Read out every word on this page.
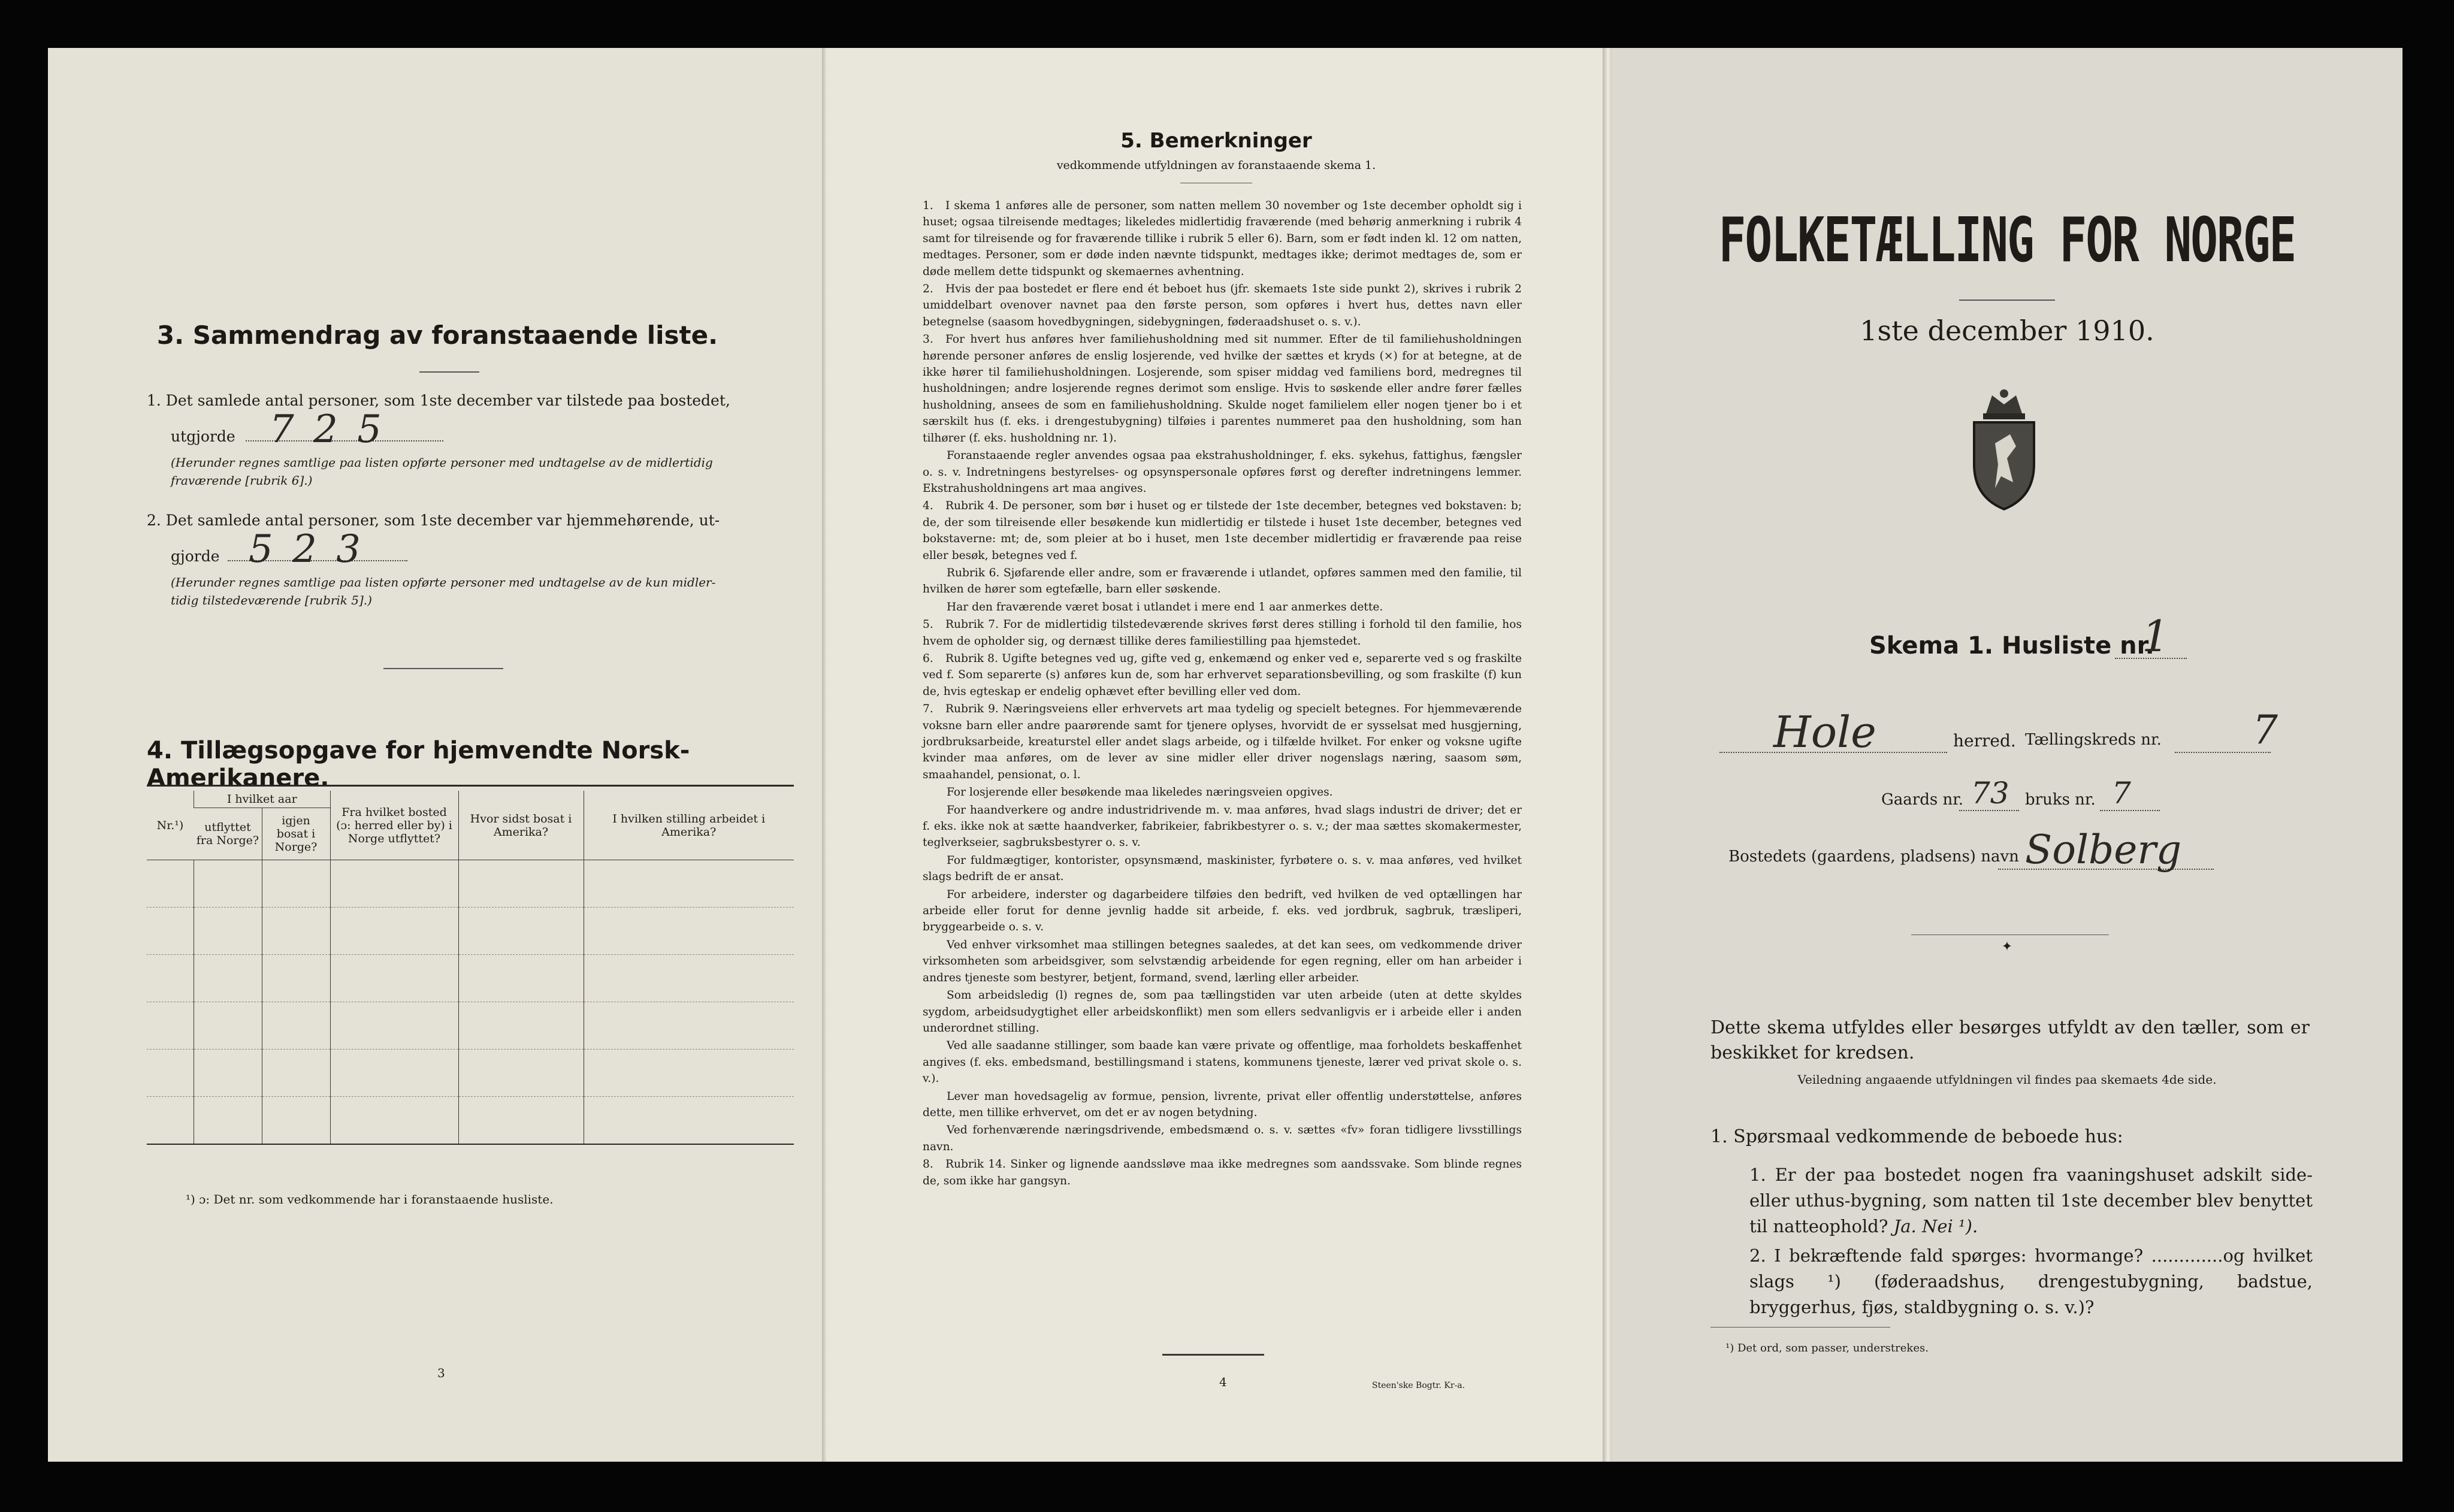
3. Sammendrag av foranstaaende liste.
1. Det samlede antal personer, som 1ste december var tilstede paa bostedet,
utgjorde 7 2 5
(Herunder regnes samtlige paa listen opførte personer med undtagelse av de midlertidig
fraværende [rubrik 6].)
2. Det samlede antal personer, som 1ste december var hjemmehørende, ut-
gjorde 5 2 3
(Herunder regnes samtlige paa listen opførte personer med undtagelse av de kun midler-
tidig tilstedeværende [rubrik 5].)
4. Tillægsopgave for hjemvendte Norsk-Amerikanere.
Nr.¹)	I hvilket aar		Fra hvilket bosted (ɔ: herred eller by) i Norge utflyttet?	Hvor sidst bosat i Amerika?	I hvilken stilling arbeidet i Amerika?
	utflyttet fra Norge?	igjen bosat i Norge?			

¹) ɔ: Det nr. som vedkommende har i foranstaaende husliste.
3
5. Bemerkninger
vedkommende utfyldningen av foranstaaende skema 1.

1. I skema 1 anføres alle de personer, som natten mellem 30 november og 1ste december opholdt sig i huset; ogsaa tilreisende medtages; likeledes midlertidig fraværende (med behørig anmerkning i rubrik 4 samt for tilreisende og for fraværende tillike i rubrik 5 eller 6). Barn, som er født inden kl. 12 om natten, medtages. Personer, som er døde inden nævnte tidspunkt, medtages ikke; derimot medtages de, som er døde mellem dette tidspunkt og skemaernes avhentning.

2. Hvis der paa bostedet er flere end ét beboet hus (jfr. skemaets 1ste side punkt 2), skrives i rubrik 2 umiddelbart ovenover navnet paa den første person, som opføres i hvert hus, dettes navn eller betegnelse (saasom hovedbygningen, sidebygningen, føderaadshuset o. s. v.).

3. For hvert hus anføres hver familiehusholdning med sit nummer. Efter de til familiehusholdningen hørende personer anføres de enslig losjerende, ved hvilke der sættes et kryds (×) for at betegne, at de ikke hører til familiehusholdningen. Losjerende, som spiser middag ved familiens bord, medregnes til husholdningen; andre losjerende regnes derimot som enslige. Hvis to søskende eller andre fører fælles husholdning, ansees de som en familiehusholdning. Skulde noget familielem eller nogen tjener bo i et særskilt hus (f. eks. i drengestubygning) tilføies i parentes nummeret paa den husholdning, som han tilhører (f. eks. husholdning nr. 1).

Foranstaaende regler anvendes ogsaa paa ekstrahusholdninger, f. eks. sykehus, fattighus, fængsler o. s. v. Indretningens bestyrelses- og opsynspersonale opføres først og derefter indretningens lemmer. Ekstrahusholdningens art maa angives.

4. Rubrik 4. De personer, som bør i huset og er tilstede der 1ste december, betegnes ved bokstaven: b; de, der som tilreisende eller besøkende kun midlertidig er tilstede i huset 1ste december, betegnes ved bokstaverne: mt; de, som pleier at bo i huset, men 1ste december midlertidig er fraværende paa reise eller besøk, betegnes ved f.

Rubrik 6. Sjøfarende eller andre, som er fraværende i utlandet, opføres sammen med den familie, til hvilken de hører som egtefælle, barn eller søskende.

Har den fraværende været bosat i utlandet i mere end 1 aar anmerkes dette.

5. Rubrik 7. For de midlertidig tilstedeværende skrives først deres stilling i forhold til den familie, hos hvem de opholder sig, og dernæst tillike deres familiestilling paa hjemstedet.

6. Rubrik 8. Ugifte betegnes ved ug, gifte ved g, enkemænd og enker ved e, separerte ved s og fraskilte ved f. Som separerte (s) anføres kun de, som har erhvervet separationsbevilling, og som fraskilte (f) kun de, hvis egteskap er endelig ophævet efter bevilling eller ved dom.

7. Rubrik 9. Næringsveiens eller erhvervets art maa tydelig og specielt betegnes. For hjemmeværende voksne barn eller andre paarørende samt for tjenere oplyses, hvorvidt de er sysselsat med husgjerning, jordbruksarbeide, kreaturstel eller andet slags arbeide, og i tilfælde hvilket. For enker og voksne ugifte kvinder maa anføres, om de lever av sine midler eller driver nogenslags næring, saasom søm, smaahandel, pensionat, o. l.

For losjerende eller besøkende maa likeledes næringsveien opgives.

For haandverkere og andre industridrivende m. v. maa anføres, hvad slags industri de driver; det er f. eks. ikke nok at sætte haandverker, fabrikeier, fabrikbestyrer o. s. v.; der maa sættes skomakermester, teglverkseier, sagbruksbestyrer o. s. v.

For fuldmægtiger, kontorister, opsynsmænd, maskinister, fyrbøtere o. s. v. maa anføres, ved hvilket slags bedrift de er ansat.

For arbeidere, inderster og dagarbeidere tilføies den bedrift, ved hvilken de ved optællingen har arbeide eller forut for denne jevnlig hadde sit arbeide, f. eks. ved jordbruk, sagbruk, træsliperi, bryggearbeide o. s. v.

Ved enhver virksomhet maa stillingen betegnes saaledes, at det kan sees, om vedkommende driver virksomheten som arbeidsgiver, som selvstændig arbeidende for egen regning, eller om han arbeider i andres tjeneste som bestyrer, betjent, formand, svend, lærling eller arbeider.

Som arbeidsledig (l) regnes de, som paa tællingstiden var uten arbeide (uten at dette skyldes sygdom, arbeidsudygtighet eller arbeidskonflikt) men som ellers sedvanligvis er i arbeide eller i anden underordnet stilling.

Ved alle saadanne stillinger, som baade kan være private og offentlige, maa forholdets beskaffenhet angives (f. eks. embedsmand, bestillingsmand i statens, kommunens tjeneste, lærer ved privat skole o. s. v.).

Lever man hovedsagelig av formue, pension, livrente, privat eller offentlig understøttelse, anføres dette, men tillike erhvervet, om det er av nogen betydning.

Ved forhenværende næringsdrivende, embedsmænd o. s. v. sættes «fv» foran tidligere livsstillings navn.

8. Rubrik 14. Sinker og lignende aandssløve maa ikke medregnes som aandssvake. Som blinde regnes de, som ikke har gangsyn.

4	Steen'ske Bogtr. Kr-a.
FOLKETÆLLING FOR NORGE
1ste december 1910.
Skema 1. Husliste nr.
1
Hole	herred. Tællingskreds nr. 7
Gaards nr. 73 bruks nr. 7
Bostedets (gaardens, pladsens) navn Solberg
✦
Dette skema utfyldes eller besørges utfyldt av den tæller, som er beskikket for kredsen.
Veiledning angaaende utfyldningen vil findes paa skemaets 4de side.
1. Spørsmaal vedkommende de beboede hus:
1. Er der paa bostedet nogen fra vaaningshuset adskilt side- eller uthus-bygning, som natten til 1ste december blev benyttet til natteophold? Ja. Nei ¹).
2. I bekræftende fald spørges: hvormange? .............og hvilket slags ¹) (føderaadshus, drengestubygning, badstue, bryggerhus, fjøs, staldbygning o. s. v.)?
¹) Det ord, som passer, understrekes.
